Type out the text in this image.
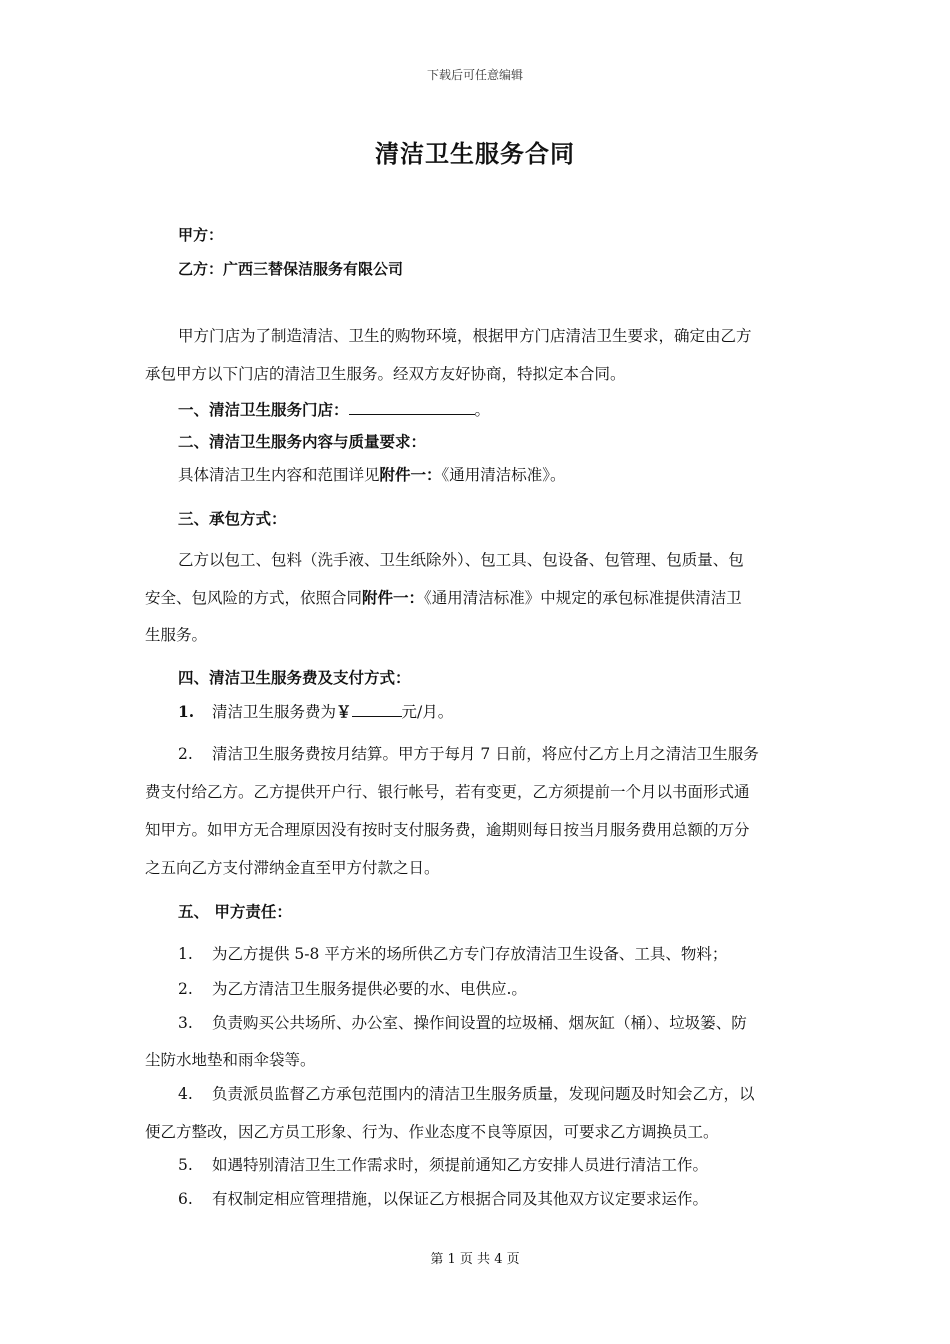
下载后可任意编辑
清洁卫生服务合同
甲方：
乙方：广西三替保洁服务有限公司
甲方门店为了制造清洁、卫生的购物环境，根据甲方门店清洁卫生要求，确定由乙方
承包甲方以下门店的清洁卫生服务。经双方友好协商，特拟定本合同。
一、清洁卫生服务门店：	。
二、清洁卫生服务内容与质量要求：
具体清洁卫生内容和范围详见附件一：《通用清洁标准》。
三、承包方式：
乙方以包工、包料（洗手液、卫生纸除外）、包工具、包设备、包管理、包质量、包
安全、包风险的方式，依照合同附件一：《通用清洁标准》中规定的承包标准提供清洁卫
生服务。
四、清洁卫生服务费及支付方式：
1. 清洁卫生服务费为￥	元/月。
2. 清洁卫生服务费按月结算。甲方于每月 7 日前，将应付乙方上月之清洁卫生服务
费支付给乙方。乙方提供开户行、银行帐号，若有变更，乙方须提前一个月以书面形式通
知甲方。如甲方无合理原因没有按时支付服务费，逾期则每日按当月服务费用总额的万分
之五向乙方支付滞纳金直至甲方付款之日。
五、 甲方责任：
1. 为乙方提供 5-8 平方米的场所供乙方专门存放清洁卫生设备、工具、物料；
2. 为乙方清洁卫生服务提供必要的水、电供应.。
3. 负责购买公共场所、办公室、操作间设置的垃圾桶、烟灰缸（桶）、垃圾篓、防
尘防水地垫和雨伞袋等。
4. 负责派员监督乙方承包范围内的清洁卫生服务质量，发现问题及时知会乙方，以
便乙方整改，因乙方员工形象、行为、作业态度不良等原因，可要求乙方调换员工。
5. 如遇特别清洁卫生工作需求时，须提前通知乙方安排人员进行清洁工作。
6. 有权制定相应管理措施，以保证乙方根据合同及其他双方议定要求运作。
第 1 页 共 4 页
